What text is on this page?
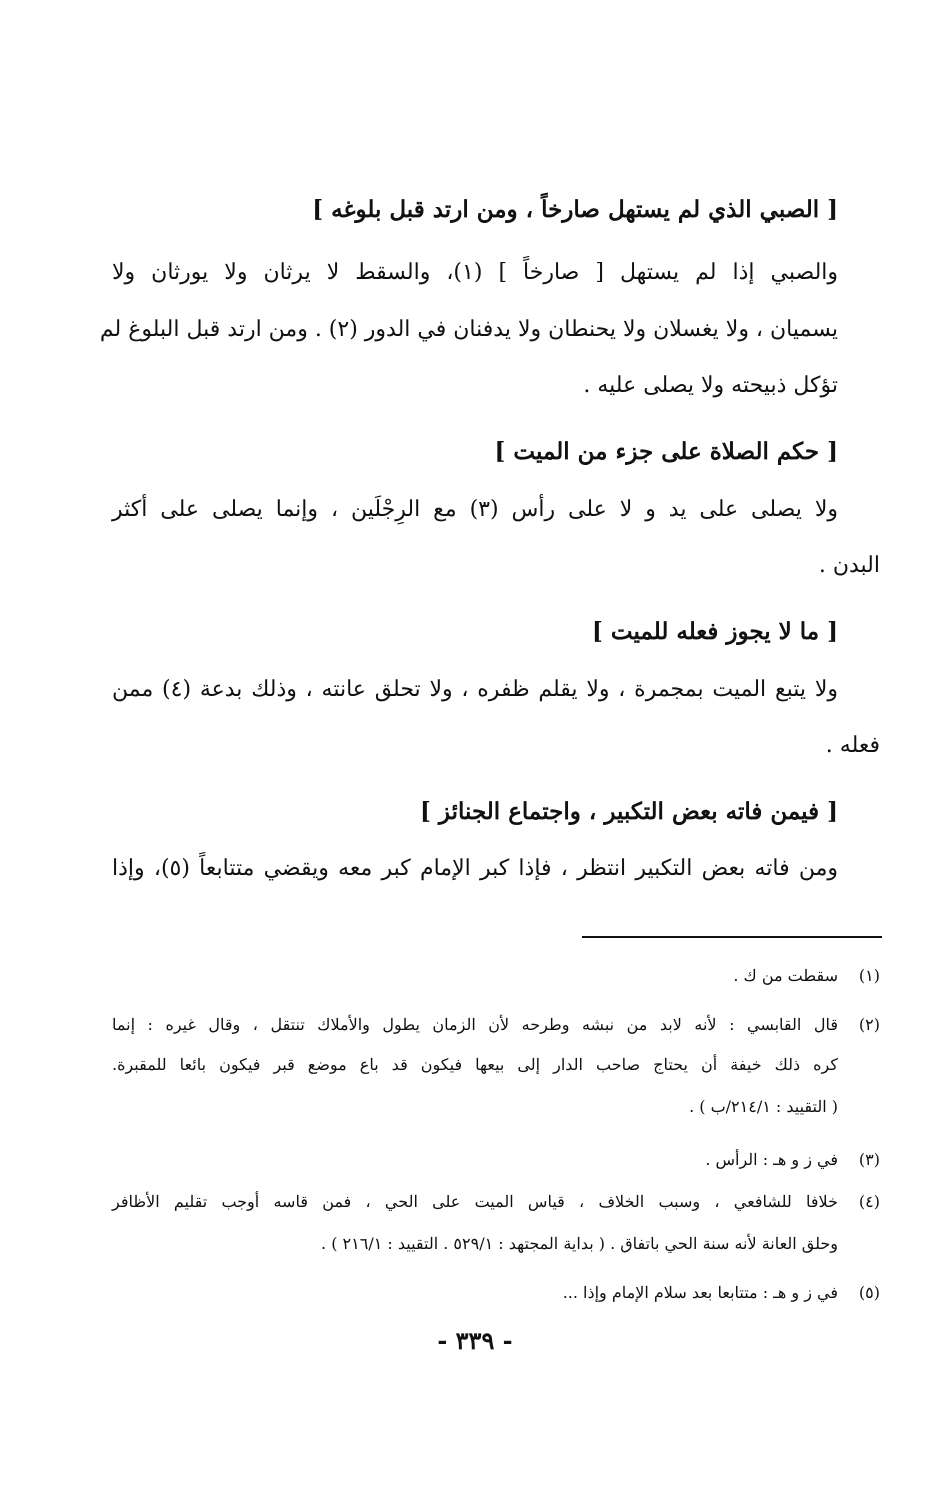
[ الصبي الذي لم يستهل صارخاً ، ومن ارتد قبل بلوغه ]
والصبي إذا لم يستهل [ صارخاً ] (١)، والسقط لا يرثان ولا يورثان ولا
يسميان ، ولا يغسلان ولا يحنطان ولا يدفنان في الدور (٢) . ومن ارتد قبل البلوغ لم
تؤكل ذبيحته ولا يصلى عليه .
[ حكم الصلاة على جزء من الميت ]
ولا يصلى على يد و لا على رأس (٣) مع الرِجْلَين ، وإنما يصلى على أكثر
البدن .
[ ما لا يجوز فعله للميت ]
ولا يتبع الميت بمجمرة ، ولا يقلم ظفره ، ولا تحلق عانته ، وذلك بدعة (٤) ممن
فعله .
[ فيمن فاته بعض التكبير ، واجتماع الجنائز ]
ومن فاته بعض التكبير انتظر ، فإذا كبر الإمام كبر معه ويقضي متتابعاً (٥)، وإذا
(١)
سقطت من ك .
(٢)
قال القابسي : لأنه لابد من نبشه وطرحه لأن الزمان يطول والأملاك تنتقل ، وقال غيره : إنما
كره ذلك خيفة أن يحتاج صاحب الدار إلى بيعها فيكون قد باع موضع قبر فيكون بائعا للمقبرة.
( التقييد : ٢١٤/١/ب ) .
(٣)
في ز و هـ : الرأس .
(٤)
خلافا للشافعي ، وسبب الخلاف ، قياس الميت على الحي ، فمن قاسه أوجب تقليم الأظافر
وحلق العانة لأنه سنة الحي باتفاق . ( بداية المجتهد : ٥٢٩/١ . التقييد : ٢١٦/١ ) .
(٥)
في ز و هـ : متتابعا بعد سلام الإمام وإذا ...
- ٣٣٩ -
